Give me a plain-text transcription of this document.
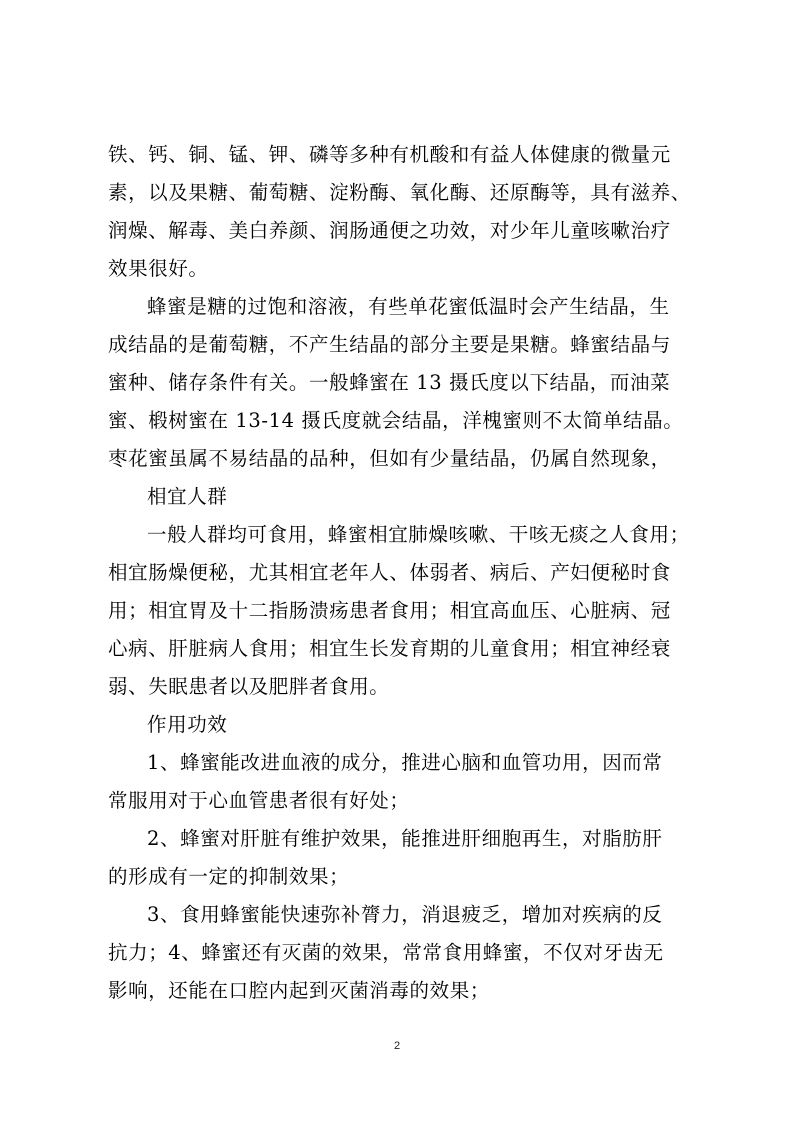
铁、钙、铜、锰、钾、磷等多种有机酸和有益人体健康的微量元
素，以及果糖、葡萄糖、淀粉酶、氧化酶、还原酶等，具有滋养、
润燥、解毒、美白养颜、润肠通便之功效，对少年儿童咳嗽治疗
效果很好。
蜂蜜是糖的过饱和溶液，有些单花蜜低温时会产生结晶，生
成结晶的是葡萄糖，不产生结晶的部分主要是果糖。蜂蜜结晶与
蜜种、储存条件有关。一般蜂蜜在 13 摄氏度以下结晶，而油菜
蜜、椴树蜜在 13-14 摄氏度就会结晶，洋槐蜜则不太简单结晶。
枣花蜜虽属不易结晶的品种，但如有少量结晶，仍属自然现象，
相宜人群
一般人群均可食用，蜂蜜相宜肺燥咳嗽、干咳无痰之人食用；
相宜肠燥便秘，尤其相宜老年人、体弱者、病后、产妇便秘时食
用；相宜胃及十二指肠溃疡患者食用；相宜高血压、心脏病、冠
心病、肝脏病人食用；相宜生长发育期的儿童食用；相宜神经衰
弱、失眠患者以及肥胖者食用。
作用功效
1、蜂蜜能改进血液的成分，推进心脑和血管功用，因而常
常服用对于心血管患者很有好处；
2、蜂蜜对肝脏有维护效果，能推进肝细胞再生，对脂肪肝
的形成有一定的抑制效果；
3、食用蜂蜜能快速弥补膂力，消退疲乏，增加对疾病的反
抗力；4、蜂蜜还有灭菌的效果，常常食用蜂蜜，不仅对牙齿无
影响，还能在口腔内起到灭菌消毒的效果；
2
